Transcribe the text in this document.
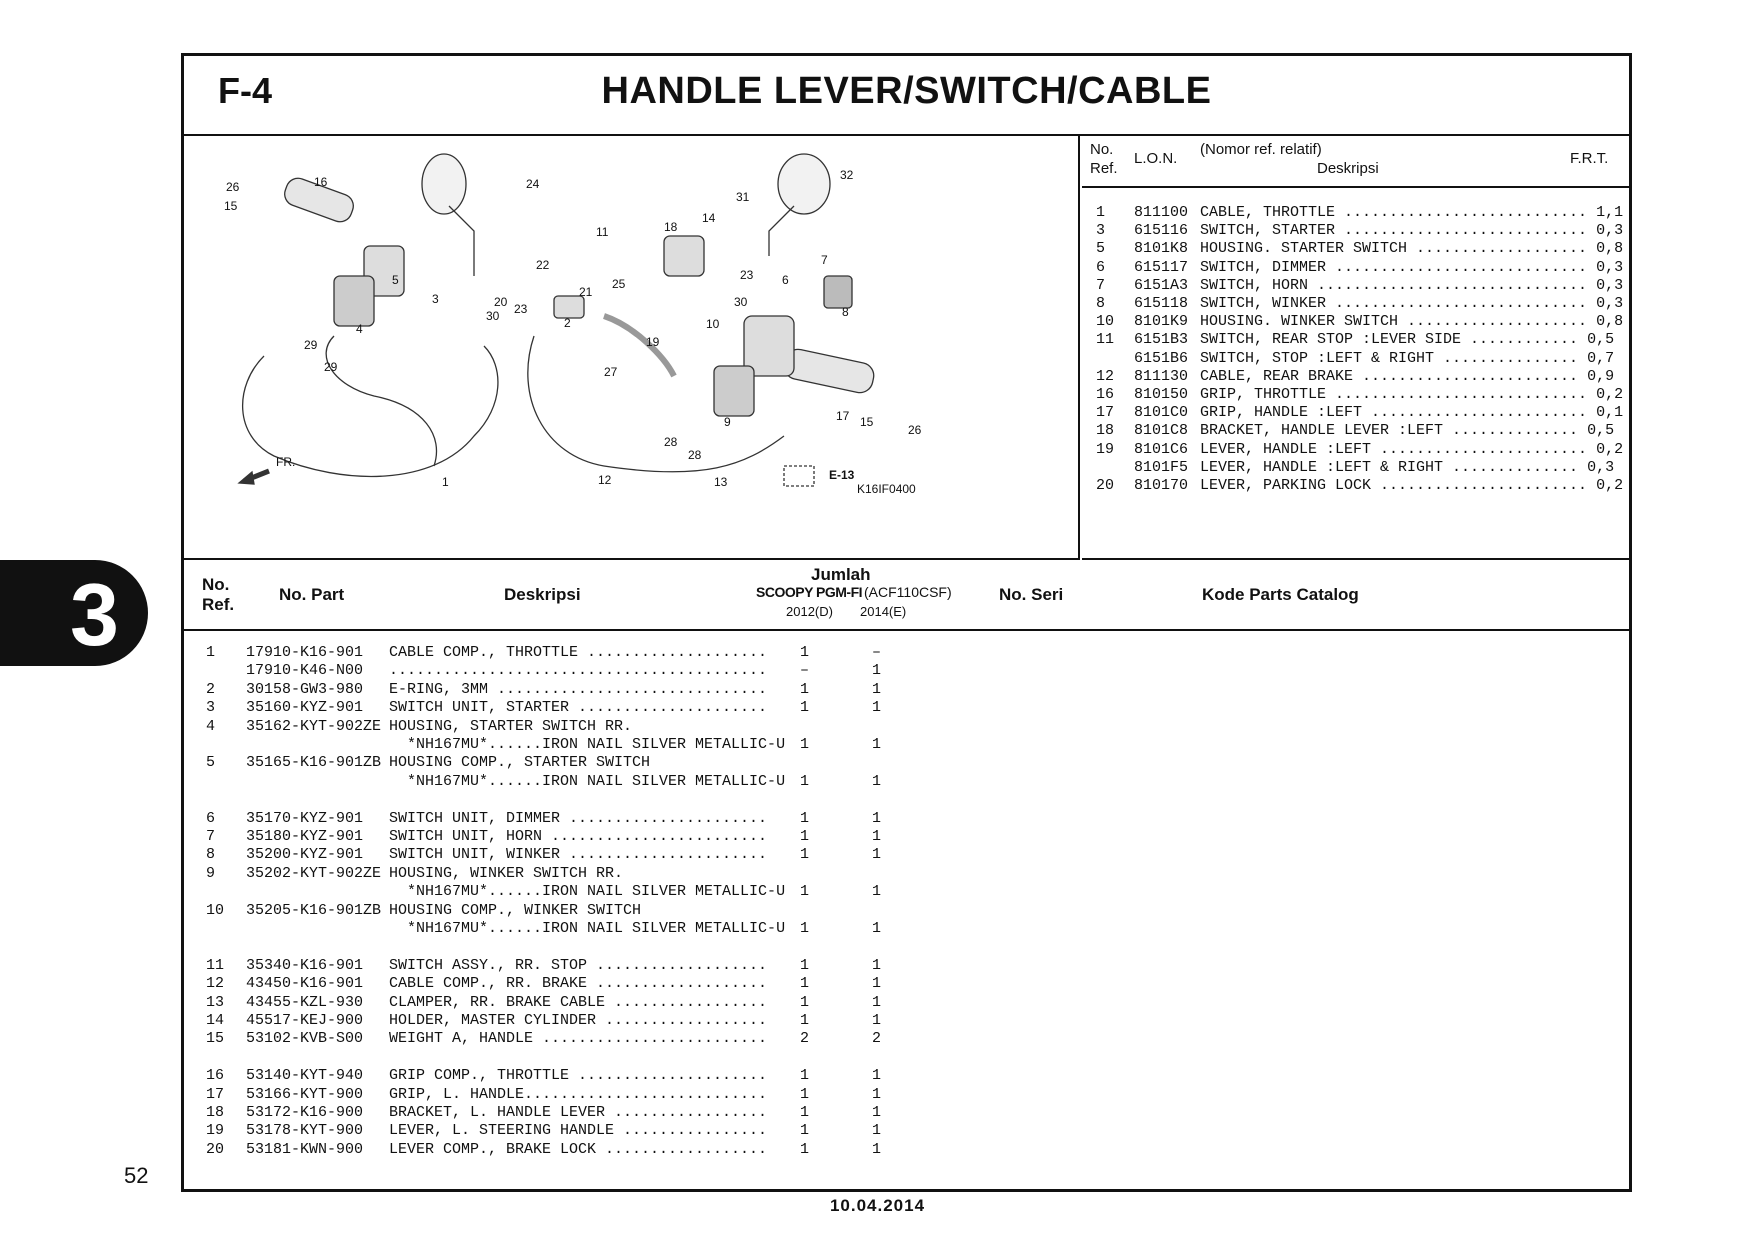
3
F-4	HANDLE LEVER/SWITCH/CABLE
1
2
3
4
5	6
7
8
9
10
11
12	13
14
15
15
16
17
18
19
20
21
22
23
23
24
25
26
26
27
28
28
29
29
30
30
31
32
FR.
E-13
K16IF0400
No.
Ref.
L.O.N.
(Nomor ref. relatif)
Deskripsi
F.R.T.
1 811100 CABLE, THROTTLE ........................... 1,1
3 615116 SWITCH, STARTER ........................... 0,3
5 8101K8 HOUSING. STARTER SWITCH ................... 0,8
6 615117 SWITCH, DIMMER ............................ 0,3
7 6151A3 SWITCH, HORN .............................. 0,3
8 615118 SWITCH, WINKER ............................ 0,3
10 8101K9 HOUSING. WINKER SWITCH .................... 0,8
11 6151B3 SWITCH, REAR STOP :LEVER SIDE ............ 0,5
6151B6 SWITCH, STOP :LEFT & RIGHT ............... 0,7
12 811130 CABLE, REAR BRAKE ........................ 0,9
16 810150 GRIP, THROTTLE ............................ 0,2
17 8101C0 GRIP, HANDLE :LEFT ........................ 0,1
18 8101C8 BRACKET, HANDLE LEVER :LEFT .............. 0,5
19 8101C6 LEVER, HANDLE :LEFT ....................... 0,2
8101F5 LEVER, HANDLE :LEFT & RIGHT .............. 0,3
20 810170 LEVER, PARKING LOCK ....................... 0,2
No.
Ref.
No. Part	Deskripsi
Jumlah
SCOOPY PGM-FI (ACF110CSF)
2012(D) 2014(E)
No. Seri	Kode Parts Catalog
1 17910-K16-901 CABLE COMP., THROTTLE .................... 1	–
17910-K46-N00 .......................................... –	1
2 30158-GW3-980 E-RING, 3MM .............................. 1	1
3 35160-KYZ-901 SWITCH UNIT, STARTER ..................... 1	1
4 35162-KYT-902ZE HOUSING, STARTER SWITCH RR.
*NH167MU*......IRON NAIL SILVER METALLIC-U 1	1
5 35165-K16-901ZB HOUSING COMP., STARTER SWITCH
*NH167MU*......IRON NAIL SILVER METALLIC-U 1	1
6 35170-KYZ-901 SWITCH UNIT, DIMMER ...................... 1	1
7 35180-KYZ-901 SWITCH UNIT, HORN ........................ 1	1
8 35200-KYZ-901 SWITCH UNIT, WINKER ...................... 1	1
9 35202-KYT-902ZE HOUSING, WINKER SWITCH RR.
*NH167MU*......IRON NAIL SILVER METALLIC-U 1	1
10 35205-K16-901ZB HOUSING COMP., WINKER SWITCH
*NH167MU*......IRON NAIL SILVER METALLIC-U 1	1
11 35340-K16-901 SWITCH ASSY., RR. STOP ................... 1	1
12 43450-K16-901 CABLE COMP., RR. BRAKE ................... 1	1
13 43455-KZL-930 CLAMPER, RR. BRAKE CABLE ................. 1	1
14 45517-KEJ-900 HOLDER, MASTER CYLINDER .................. 1	1
15 53102-KVB-S00 WEIGHT A, HANDLE ......................... 2	2
16 53140-KYT-940 GRIP COMP., THROTTLE ..................... 1	1
17 53166-KYT-900 GRIP, L. HANDLE........................... 1	1
18 53172-K16-900 BRACKET, L. HANDLE LEVER ................. 1	1
19 53178-KYT-900 LEVER, L. STEERING HANDLE ................ 1	1
20 53181-KWN-900 LEVER COMP., BRAKE LOCK .................. 1	1
52
10.04.2014
